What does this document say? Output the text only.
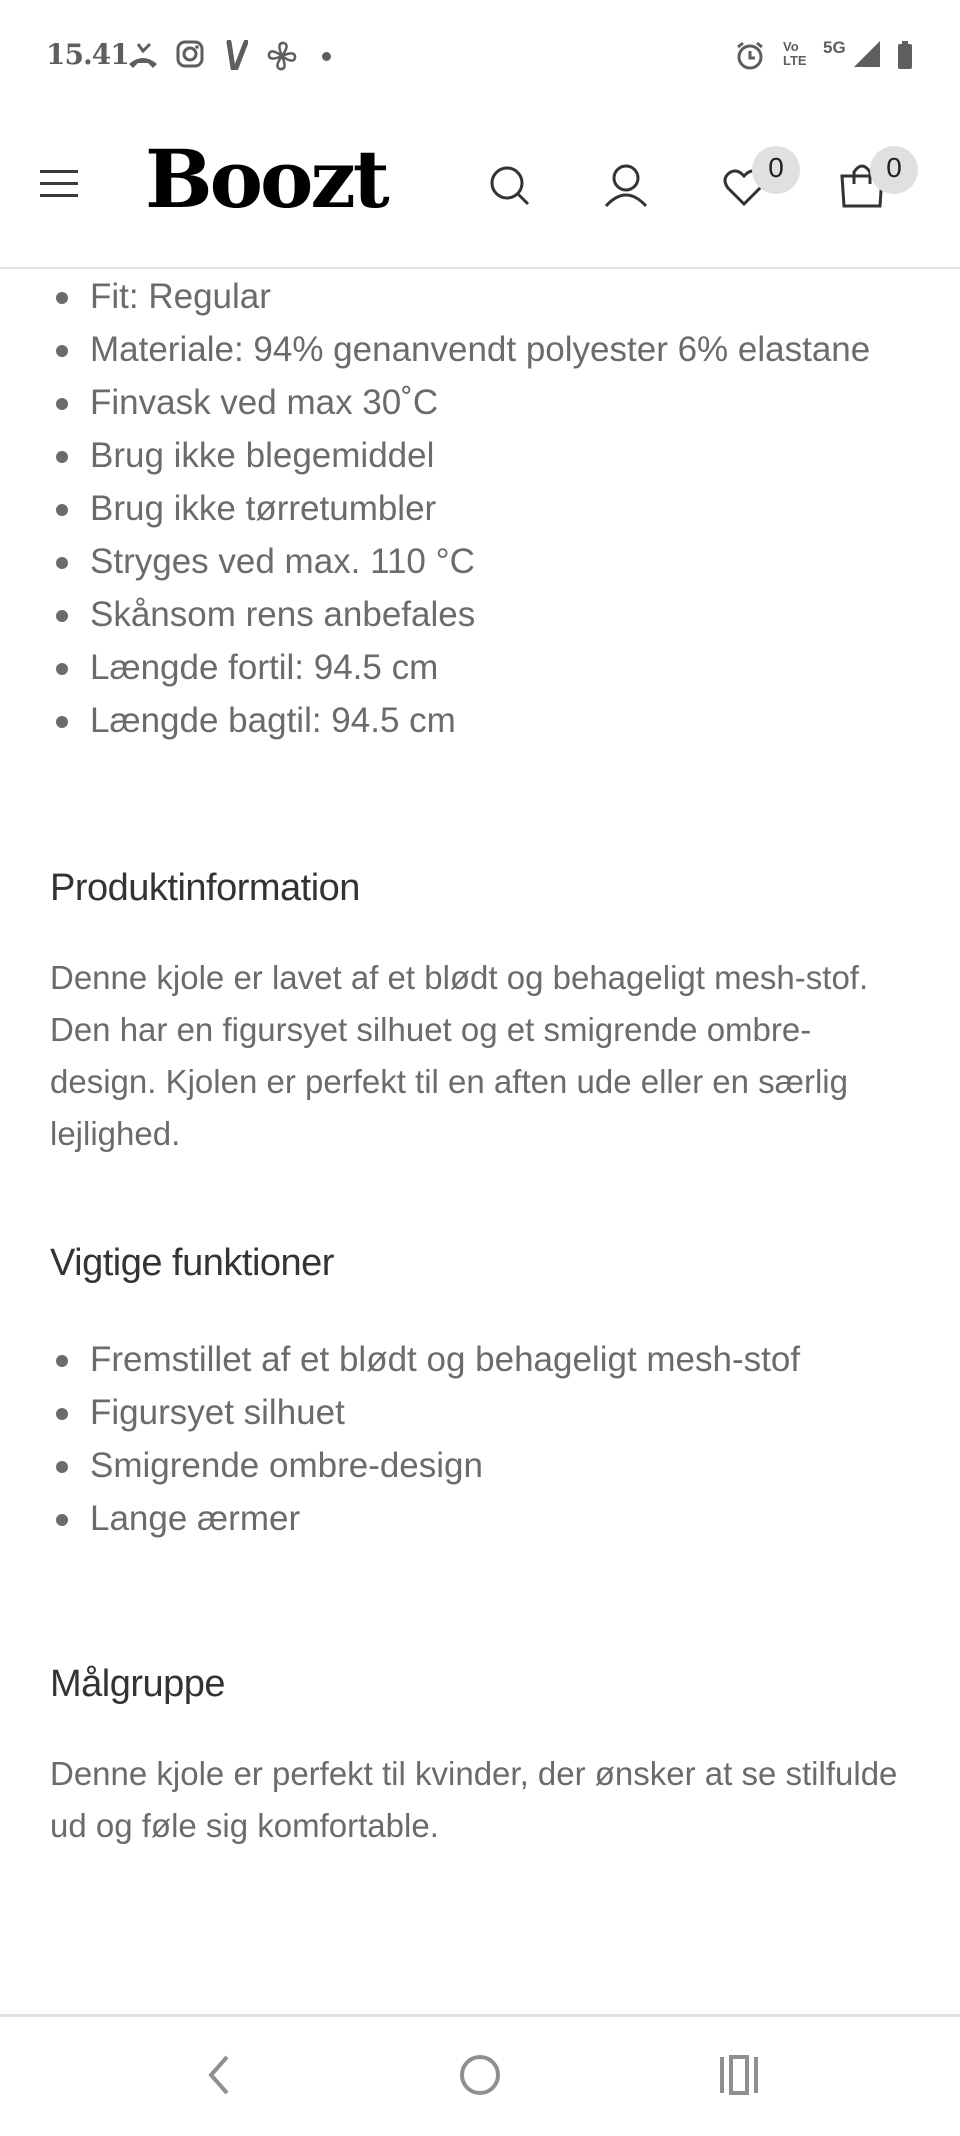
15.41	Vo
LTE
5G
Boozt	0	0
Fit: Regular
Materiale: 94% genanvendt polyester 6% elastane
Finvask ved max 30˚C
Brug ikke blegemiddel
Brug ikke tørretumbler
Stryges ved max. 110 °C
Skånsom rens anbefales
Længde fortil: 94.5 cm
Længde bagtil: 94.5 cm
Produktinformation

Denne kjole er lavet af et blødt og behageligt mesh-stof. Den har en figursyet silhuet og et smigrende ombre-design. Kjolen er perfekt til en aften ude eller en særlig lejlighed.

Vigtige funktioner
Fremstillet af et blødt og behageligt mesh-stof
Figursyet silhuet
Smigrende ombre-design
Lange ærmer
Målgruppe

Denne kjole er perfekt til kvinder, der ønsker at se stilfulde ud og føle sig komfortable.
